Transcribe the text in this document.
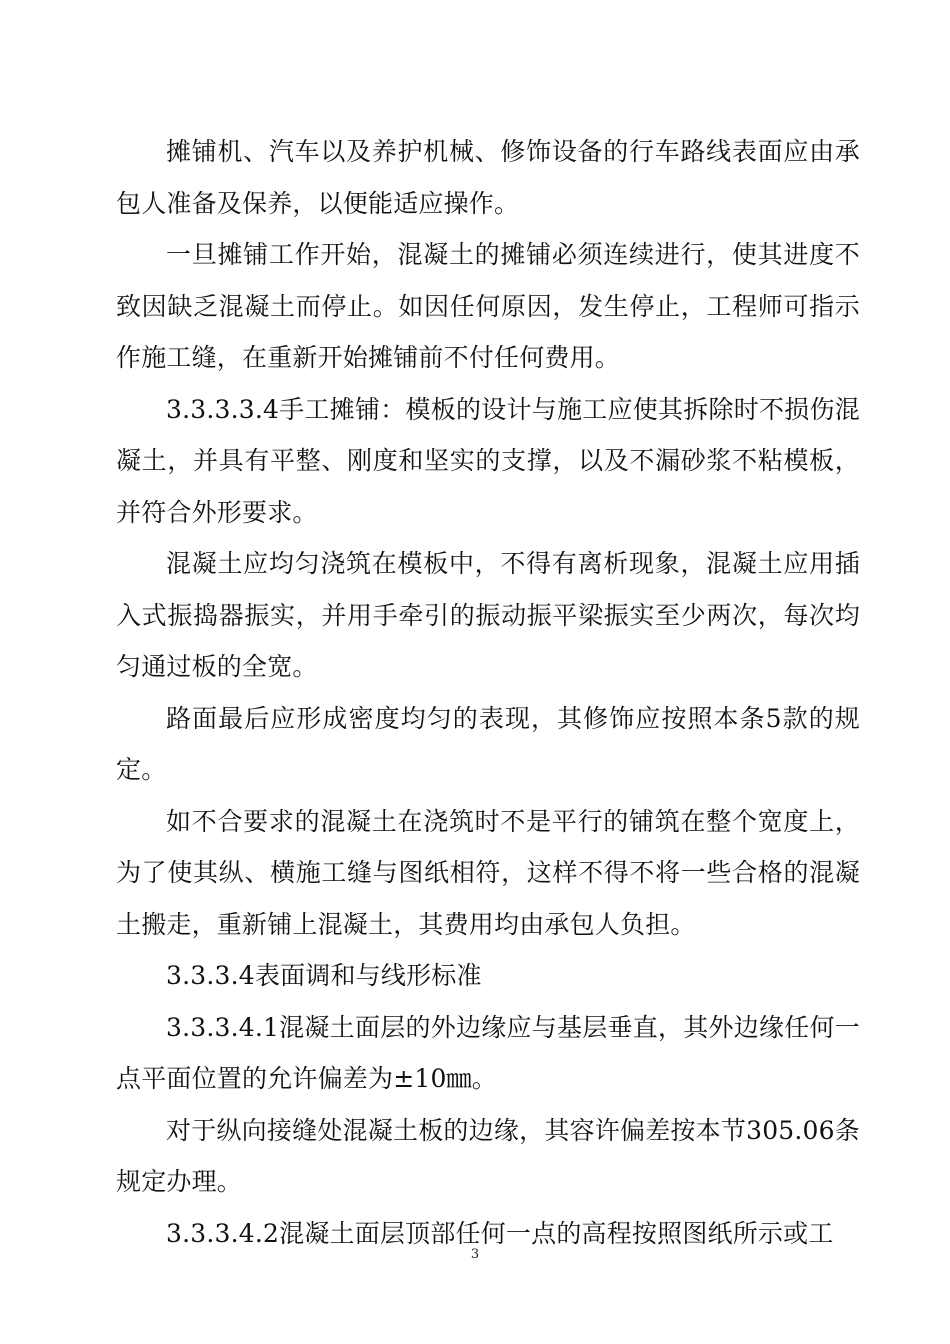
摊铺机、汽车以及养护机械、修饰设备的行车路线表面应由承包人准备及保养，以便能适应操作。

一旦摊铺工作开始，混凝土的摊铺必须连续进行，使其进度不致因缺乏混凝土而停止。如因任何原因，发生停止，工程师可指示作施工缝，在重新开始摊铺前不付任何费用。

3.3.3.3.4手工摊铺：模板的设计与施工应使其拆除时不损伤混凝土，并具有平整、刚度和坚实的支撑，以及不漏砂浆不粘模板，并符合外形要求。

混凝土应均匀浇筑在模板中，不得有离析现象，混凝土应用插入式振捣器振实，并用手牵引的振动振平梁振实至少两次，每次均匀通过板的全宽。

路面最后应形成密度均匀的表现，其修饰应按照本条5款的规定。

如不合要求的混凝土在浇筑时不是平行的铺筑在整个宽度上，为了使其纵、横施工缝与图纸相符，这样不得不将一些合格的混凝土搬走，重新铺上混凝土，其费用均由承包人负担。

3.3.3.4表面调和与线形标准

3.3.3.4.1混凝土面层的外边缘应与基层垂直，其外边缘任何一点平面位置的允许偏差为±10㎜。

对于纵向接缝处混凝土板的边缘，其容许偏差按本节305.06条规定办理。

3.3.3.4.2混凝土面层顶部任何一点的高程按照图纸所示或工

3
